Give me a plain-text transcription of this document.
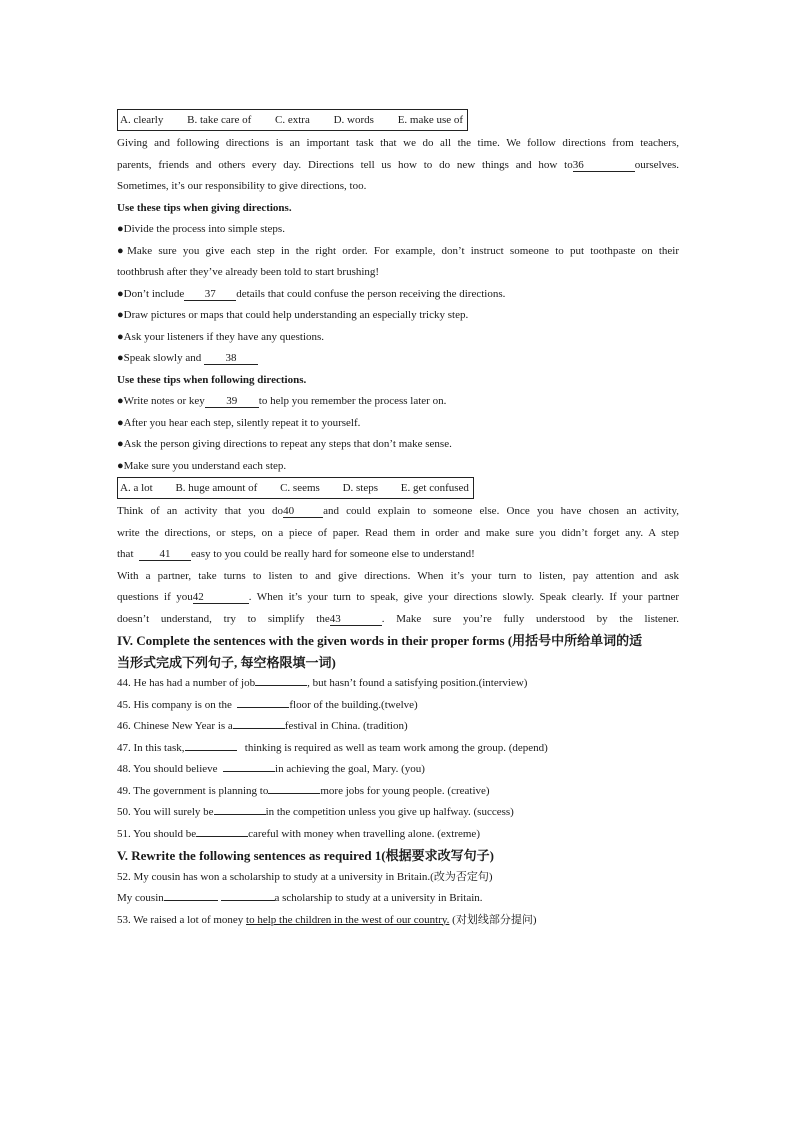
A. clearly B. take care of C. extra D. words E. make use of

Giving and following directions is an important task that we do all the time. We follow directions from teachers,

parents, friends and others every day. Directions tell us how to do new things and how to36	ourselves.

Sometimes, it’s our responsibility to give directions, too.

Use these tips when giving directions.

●Divide the process into simple steps.

●Make sure you give each step in the right order. For example, don’t instruct someone to put toothpaste on their

toothbrush after they’ve already been told to start brushing!

●Don’t include 37 details that could confuse the person receiving the directions.

●Draw pictures or maps that could help understanding an especially tricky step.

●Ask your listeners if they have any questions.

●Speak slowly and 38

Use these tips when following directions.

●Write notes or key 39 to help you remember the process later on.

●After you hear each step, silently repeat it to yourself.

●Ask the person giving directions to repeat any steps that don’t make sense.

●Make sure you understand each step.

A. a lot B. huge amount of C. seems D. steps E. get confused

Think of an activity that you do40	and could explain to someone else. Once you have chosen an activity,

write the directions, or steps, on a piece of paper. Read them in order and make sure you didn’t forget any. A step

that 41 easy to you could be really hard for someone else to understand!

With a partner, take turns to listen to and give directions. When it’s your turn to listen, pay attention and ask

questions if you42	. When it’s your turn to speak, give your directions slowly. Speak clearly. If your partner

doesn’t understand, try to simplify the43	. Make sure you’re fully understood by the listener.

IV. Complete the sentences with the given words in their proper forms (用括号中所给单词的适
当形式完成下列句子, 每空格限填一词)

44. He has had a number of job	, but hasn’t found a satisfying position.(interview)

45. His company is on the	floor of the building.(twelve)

46. Chinese New Year is a	festival in China. (tradition)

47. In this task,	thinking is required as well as team work among the group. (depend)

48. You should believe	in achieving the goal, Mary. (you)

49. The government is planning to	more jobs for young people. (creative)

50. You will surely be	in the competition unless you give up halfway. (success)

51. You should be	careful with money when travelling alone. (extreme)

V. Rewrite the following sentences as required 1(根据要求改写句子)

52. My cousin has won a scholarship to study at a university in Britain.(改为否定句)

My cousin	a scholarship to study at a university in Britain.

53. We raised a lot of money to help the children in the west of our country. (对划线部分提问)
